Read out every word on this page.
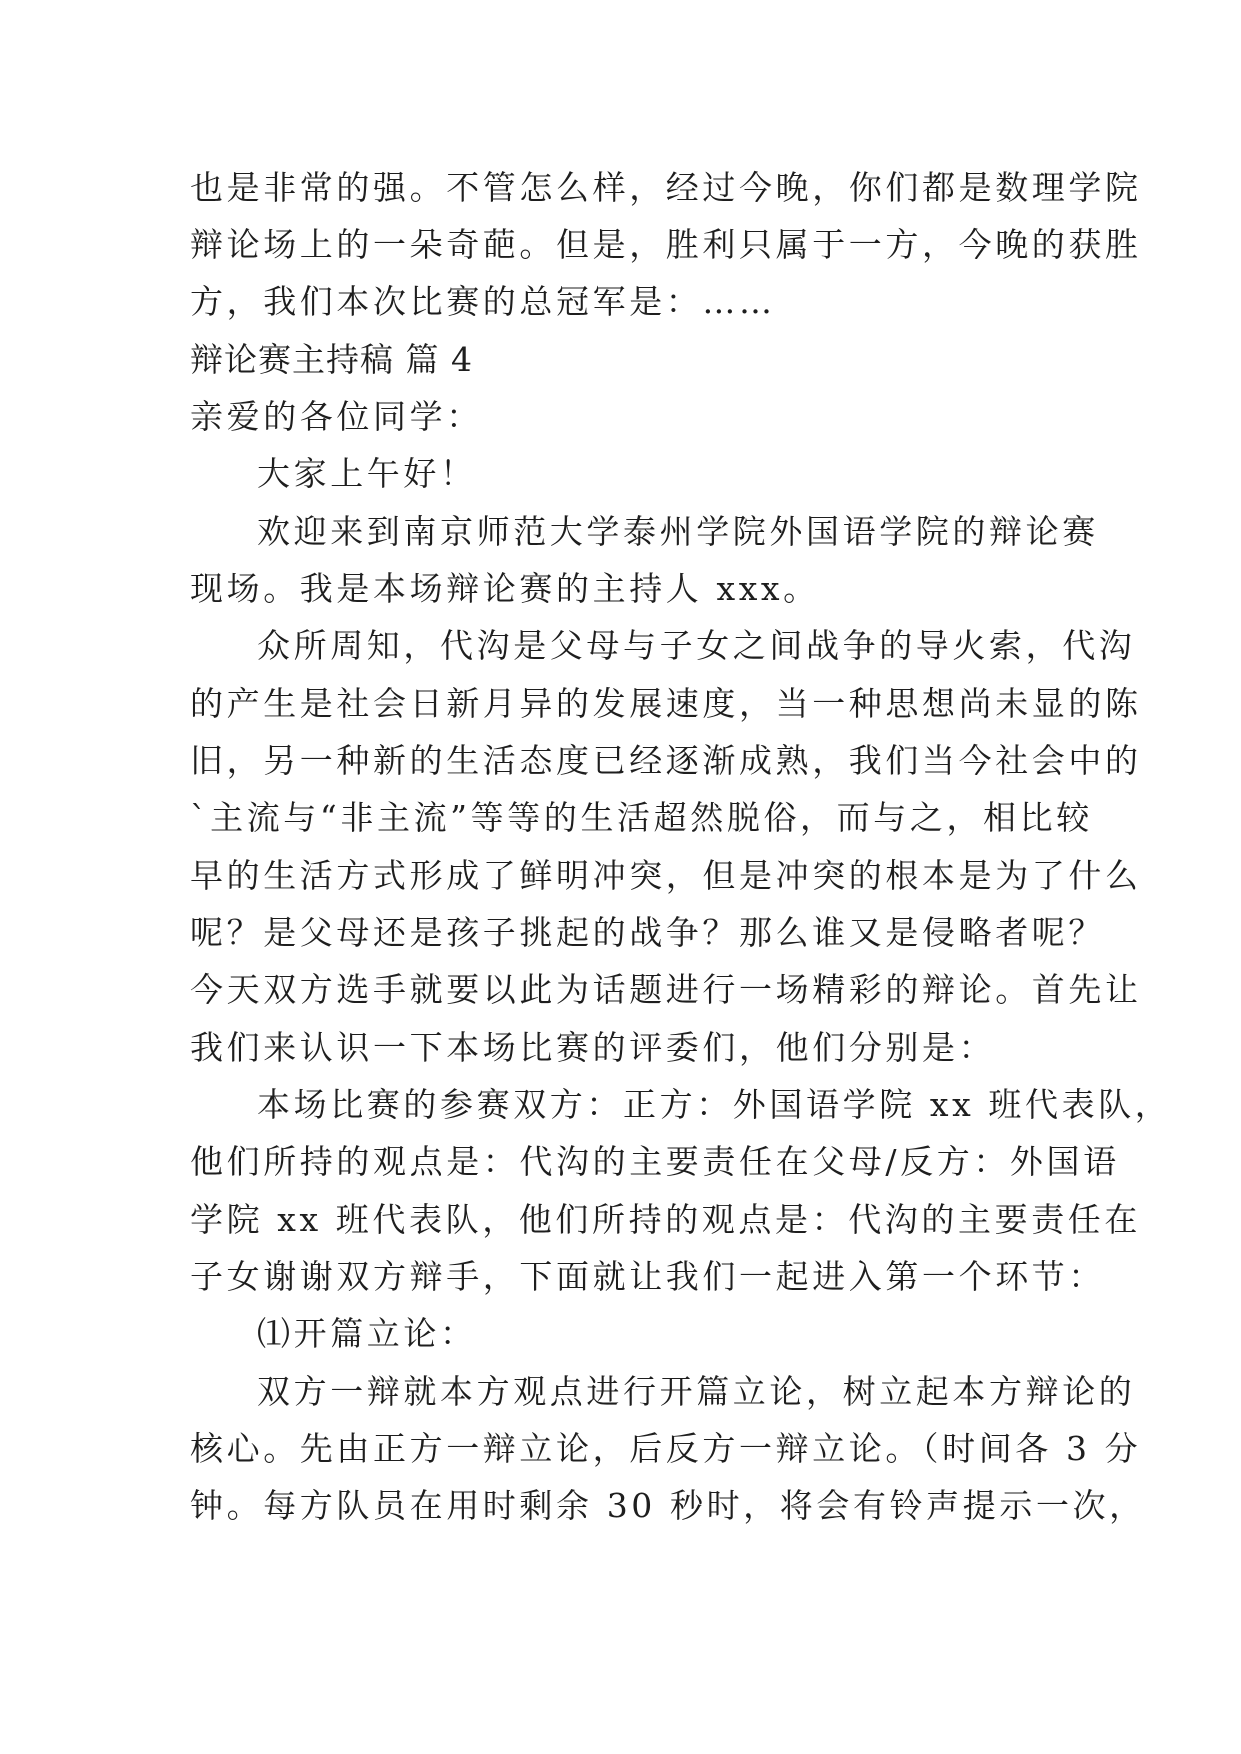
也是非常的强。不管怎么样，经过今晚，你们都是数理学院
辩论场上的一朵奇葩。但是，胜利只属于一方，今晚的获胜
方，我们本次比赛的总冠军是：……
辩论赛主持稿 篇 4
亲爱的各位同学：
大家上午好！
欢迎来到南京师范大学泰州学院外国语学院的辩论赛
现场。我是本场辩论赛的主持人 xxx。
众所周知，代沟是父母与子女之间战争的导火索，代沟
的产生是社会日新月异的发展速度，当一种思想尚未显的陈
旧，另一种新的生活态度已经逐渐成熟，我们当今社会中的
`主流与“非主流”等等的生活超然脱俗，而与之，相比较
早的生活方式形成了鲜明冲突，但是冲突的根本是为了什么
呢？是父母还是孩子挑起的战争？那么谁又是侵略者呢？
今天双方选手就要以此为话题进行一场精彩的辩论。首先让
我们来认识一下本场比赛的评委们，他们分别是：
本场比赛的参赛双方：正方：外国语学院 xx 班代表队，
他们所持的观点是：代沟的主要责任在父母/反方：外国语
学院 xx 班代表队，他们所持的观点是：代沟的主要责任在
子女谢谢双方辩手，下面就让我们一起进入第一个环节：
⑴开篇立论：
双方一辩就本方观点进行开篇立论，树立起本方辩论的
核心。先由正方一辩立论，后反方一辩立论。（时间各 3 分
钟。每方队员在用时剩余 30 秒时，将会有铃声提示一次，
